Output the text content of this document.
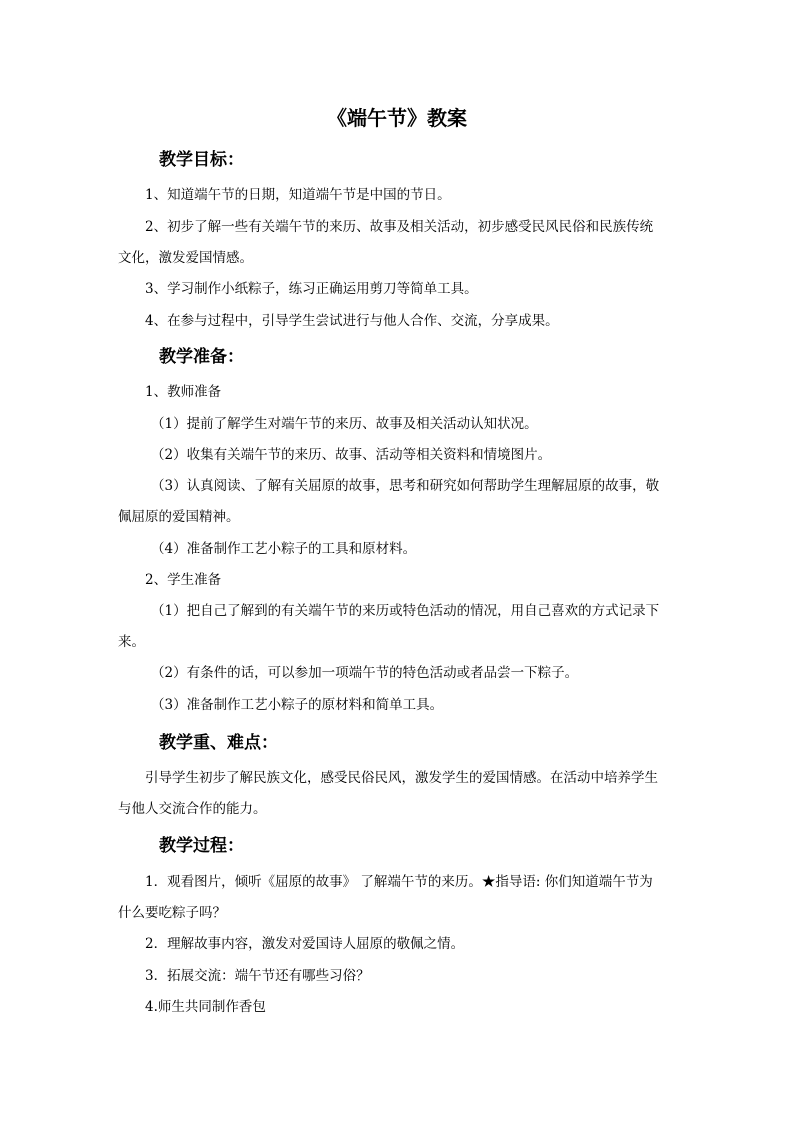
《端午节》教案
教学目标：
1、知道端午节的日期，知道端午节是中国的节日。
2、初步了解一些有关端午节的来历、故事及相关活动，初步感受民风民俗和民族传统
文化，激发爱国情感。
3、学习制作小纸粽子，练习正确运用剪刀等简单工具。
4、在参与过程中，引导学生尝试进行与他人合作、交流，分享成果。
教学准备：
1、教师准备
（1）提前了解学生对端午节的来历、故事及相关活动认知状况。
（2）收集有关端午节的来历、故事、活动等相关资料和情境图片。
（3）认真阅读、了解有关屈原的故事，思考和研究如何帮助学生理解屈原的故事，敬
佩屈原的爱国精神。
（4）准备制作工艺小粽子的工具和原材料。
2、学生准备
（1）把自己了解到的有关端午节的来历或特色活动的情况，用自己喜欢的方式记录下
来。
（2）有条件的话，可以参加一项端午节的特色活动或者品尝一下粽子。
（3）准备制作工艺小粽子的原材料和简单工具。
教学重、难点：
引导学生初步了解民族文化，感受民俗民风，激发学生的爱国情感。在活动中培养学生
与他人交流合作的能力。
教学过程：
1．观看图片，倾听《屈原的故事》 了解端午节的来历。★指导语: 你们知道端午节为
什么要吃粽子吗？
2．理解故事内容，激发对爱国诗人屈原的敬佩之情。
3．拓展交流：端午节还有哪些习俗？
4.师生共同制作香包
